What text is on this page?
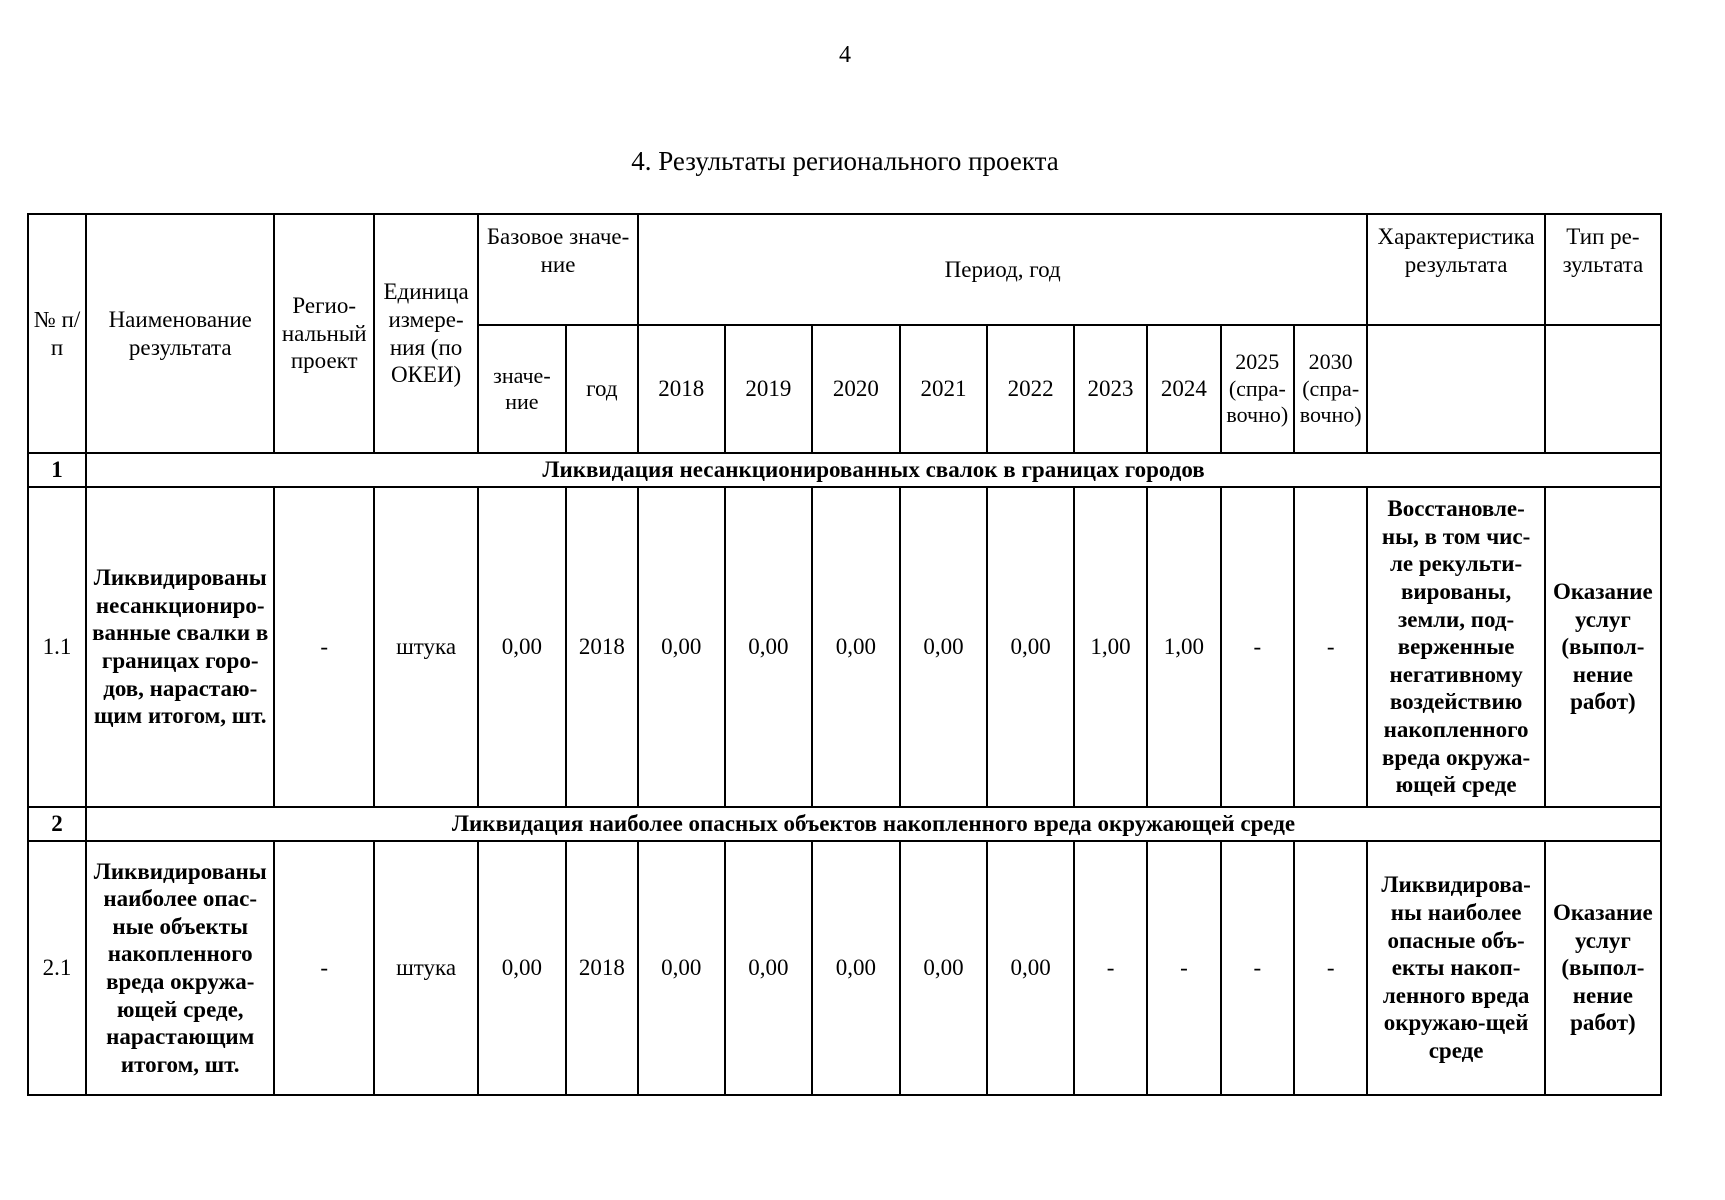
4
4. Результаты регионального проекта
№ п/п	Наименование результата	Регио-нальный проект	Единица измере-ния (по ОКЕИ)	Базовое значе-ние		Период, год									Характеристика результата	Тип ре-зультата
				значе-ние	год	2018	2019	2020	2021	2022	2023	2024	2025 (спра-вочно)	2030 (спра-вочно)		
1	Ликвидация несанкционированных свалок в границах городов															
1.1	Ликвидированы несанкциониро-ванные свалки в границах горо-дов, нарастаю-щим итогом, шт.	-	штука	0,00	2018	0,00	0,00	0,00	0,00	0,00	1,00	1,00	-	-	Восстановле-ны, в том чис-ле рекульти-вированы, земли, под-верженные негативному воздействию накопленного вреда окружа-ющей среде	Оказание услуг (выпол-нение работ)
2	Ликвидация наиболее опасных объектов накопленного вреда окружающей среде															
2.1	Ликвидированы наиболее опас-ные объекты накопленного вреда окружа-ющей среде, нарастающим итогом, шт.	-	штука	0,00	2018	0,00	0,00	0,00	0,00	0,00	-	-	-	-	Ликвидирова-ны наиболее опасные объ-екты накоп-ленного вреда окружаю-щей среде	Оказание услуг (выпол-нение работ)
